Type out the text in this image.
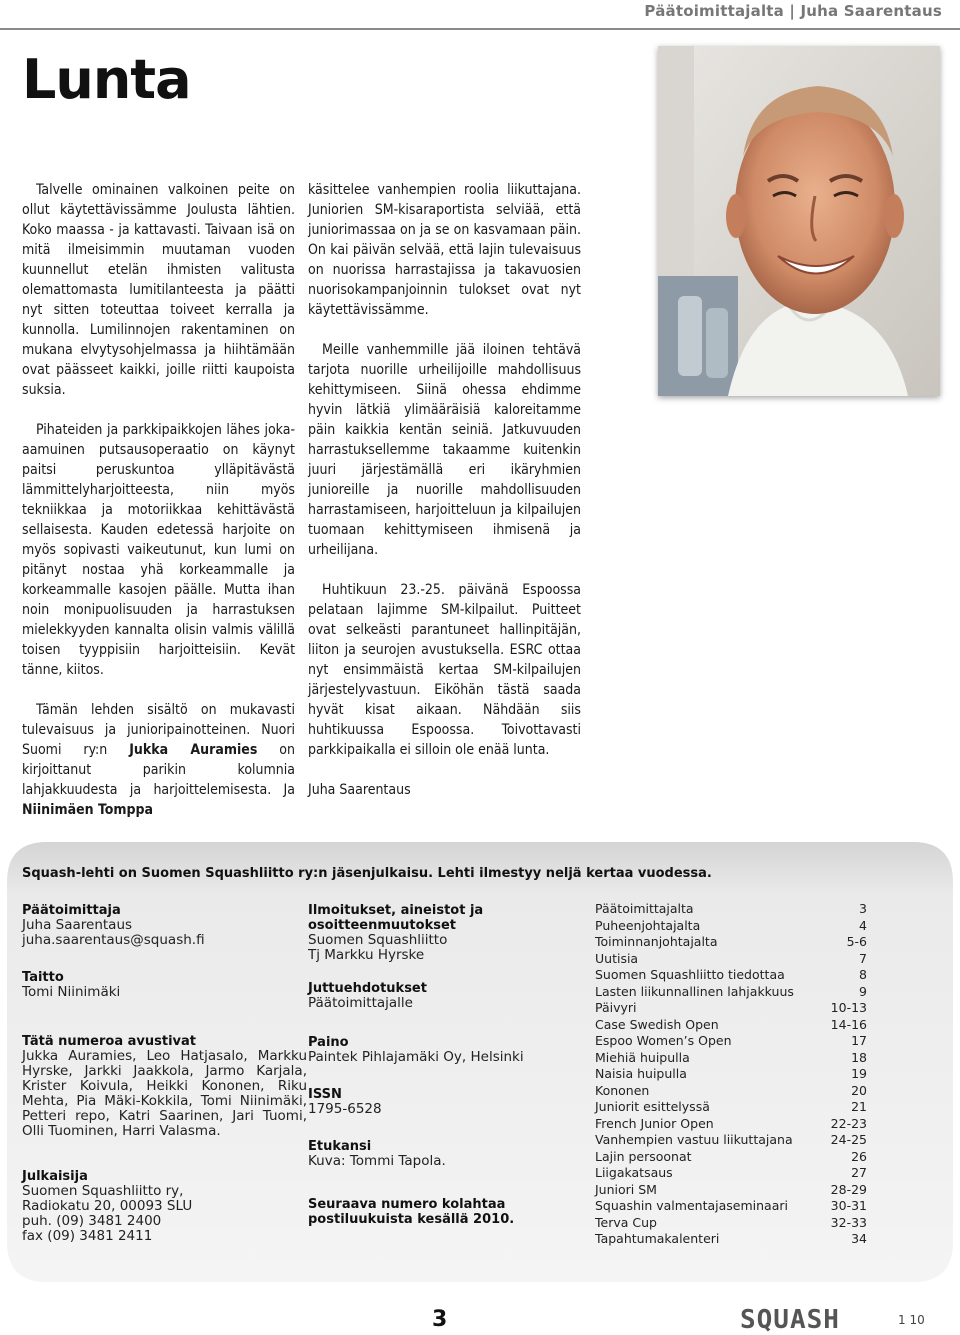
Päätoimittajalta | Juha Saarentaus
Lunta

Talvelle ominainen valkoinen peite on ollut käytettävissämme Joulusta lähtien. Koko maassa - ja kattavasti. Taivaan isä on mitä ilmeisimmin muutaman vuoden kuunnellut etelän ihmisten valitusta olemattomasta lumitilanteesta ja päätti nyt sitten toteuttaa toiveet kerralla ja kunnolla. Lumilinnojen rakentaminen on mukana elvytysohjelmassa ja hiihtämään ovat päässeet kaikki, joille riitti kaupoista suksia.

Pihateiden ja parkkipaikkojen lähes joka-aamuinen putsausoperaatio on käynyt paitsi peruskuntoa ylläpitävästä lämmittelyharjoitteesta, niin myös tekniikkaa ja motoriikkaa kehittävästä sellaisesta. Kauden edetessä harjoite on myös sopivasti vaikeutunut, kun lumi on pitänyt nostaa yhä korkeammalle ja korkeammalle kasojen päälle. Mutta ihan noin monipuolisuuden ja harrastuksen mielekkyyden kannalta olisin valmis välillä toisen tyyppisiin harjoitteisiin. Kevät tänne, kiitos.

Tämän lehden sisältö on mukavasti tulevaisuus ja junioripainotteinen. Nuori Suomi ry:n Jukka Auramies on kirjoittanut parikin kolumnia lahjakkuudesta ja harjoittelemisesta. Ja Niinimäen Tomppa

käsittelee vanhempien roolia liikuttajana. Juniorien SM-kisaraportista selviää, että juniorimassaa on ja se on kasvamaan päin. On kai päivän selvää, että lajin tulevaisuus on nuorissa harrastajissa ja takavuosien nuorisokampanjoinnin tulokset ovat nyt käytettävissämme.

Meille vanhemmille jää iloinen tehtävä tarjota nuorille urheilijoille mahdollisuus kehittymiseen. Siinä ohessa ehdimme hyvin lätkiä ylimääräisiä kaloreitamme päin kaikkia kentän seiniä. Jatkuvuuden harrastuksellemme takaamme kuitenkin juuri järjestämällä eri ikäryhmien junioreille ja nuorille mahdollisuuden harrastamiseen, harjoitteluun ja kilpailujen tuomaan kehittymiseen ihmisenä ja urheilijana.

Huhtikuun 23.-25. päivänä Espoossa pelataan lajimme SM-kilpailut. Puitteet ovat selkeästi parantuneet hallinpitäjän, liiton ja seurojen avustuksella. ESRC ottaa nyt ensimmäistä kertaa SM-kilpailujen järjestelyvastuun. Eiköhän tästä saada hyvät kisat aikaan. Nähdään siis huhtikuussa Espoossa. Toivottavasti parkkipaikalla ei silloin ole enää lunta.

Juha Saarentaus

Squash-lehti on Suomen Squashliitto ry:n jäsenjulkaisu. Lehti ilmestyy neljä kertaa vuodessa.
Päätoimittaja
Juha Saarentaus
juha.saarentaus@squash.fi
Taitto
Tomi Niinimäki
Tätä numeroa avustivat
Jukka Auramies, Leo Hatjasalo, Markku Hyrske, Jarkki Jaakkola, Jarmo Karjala, Krister Koivula, Heikki Kononen, Riku Mehta, Pia Mäki-Kokkila, Tomi Niinimäki, Petteri repo, Katri Saarinen, Jari Tuomi, Olli Tuominen, Harri Valasma.
Julkaisija
Suomen Squashliitto ry,
Radiokatu 20, 00093 SLU
puh. (09) 3481 2400
fax (09) 3481 2411
Ilmoitukset, aineistot ja osoitteenmuutokset
Suomen Squashliitto
Tj Markku Hyrske
Juttuehdotukset
Päätoimittajalle
Paino
Paintek Pihlajamäki Oy, Helsinki
ISSN
1795-6528
Etukansi
Kuva: Tommi Tapola.
Seuraava numero kolahtaa postiluukuista kesällä 2010.
Päätoimittajalta	3
Puheenjohtajalta	4
Toiminnanjohtajalta	5-6
Uutisia	7
Suomen Squashliitto tiedottaa	8
Lasten liikunnallinen lahjakkuus	9
Päivyri	10-13
Case Swedish Open	14-16
Espoo Women’s Open	17
Miehiä huipulla	18
Naisia huipulla	19
Kononen	20
Juniorit esittelyssä	21
French Junior Open	22-23
Vanhempien vastuu liikuttajana	24-25
Lajin persoonat	26
Liigakatsaus	27
Juniori SM	28-29
Squashin valmentajaseminaari	30-31
Terva Cup	32-33
Tapahtumakalenteri	34
3	SQUASH	1 10
